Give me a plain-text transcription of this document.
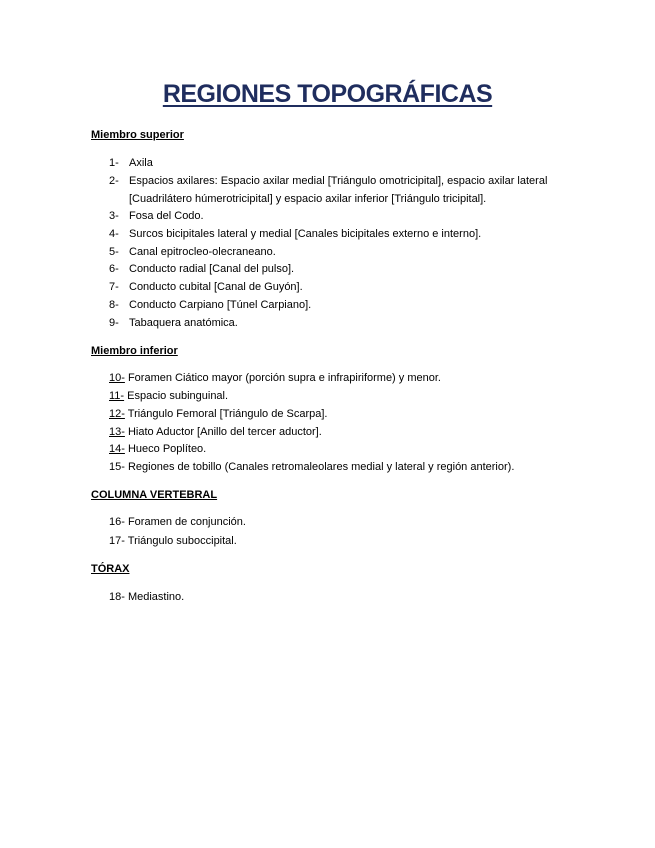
REGIONES TOPOGRÁFICAS

Miembro superior

1- Axila
2- Espacios axilares: Espacio axilar medial [Triángulo omotricipital], espacio axilar lateral [Cuadrilátero húmerotricipital] y espacio axilar inferior [Triángulo tricipital].
3- Fosa del Codo.
4- Surcos bicipitales lateral y medial [Canales bicipitales externo e interno].
5- Canal epitrocleo-olecraneano.
6- Conducto radial [Canal del pulso].
7- Conducto cubital [Canal de Guyón].
8- Conducto Carpiano [Túnel Carpiano].
9- Tabaquera anatómica.

Miembro inferior

10- Foramen Ciático mayor (porción supra e infrapiriforme) y menor.
11- Espacio subinguinal.
12- Triángulo Femoral [Triángulo de Scarpa].
13- Hiato Aductor [Anillo del tercer aductor].
14- Hueco Poplíteo.
15- Regiones de tobillo (Canales retromaleolares medial y lateral y región anterior).

COLUMNA VERTEBRAL

16- Foramen de conjunción.
17- Triángulo suboccipital.

TÓRAX

18- Mediastino.
